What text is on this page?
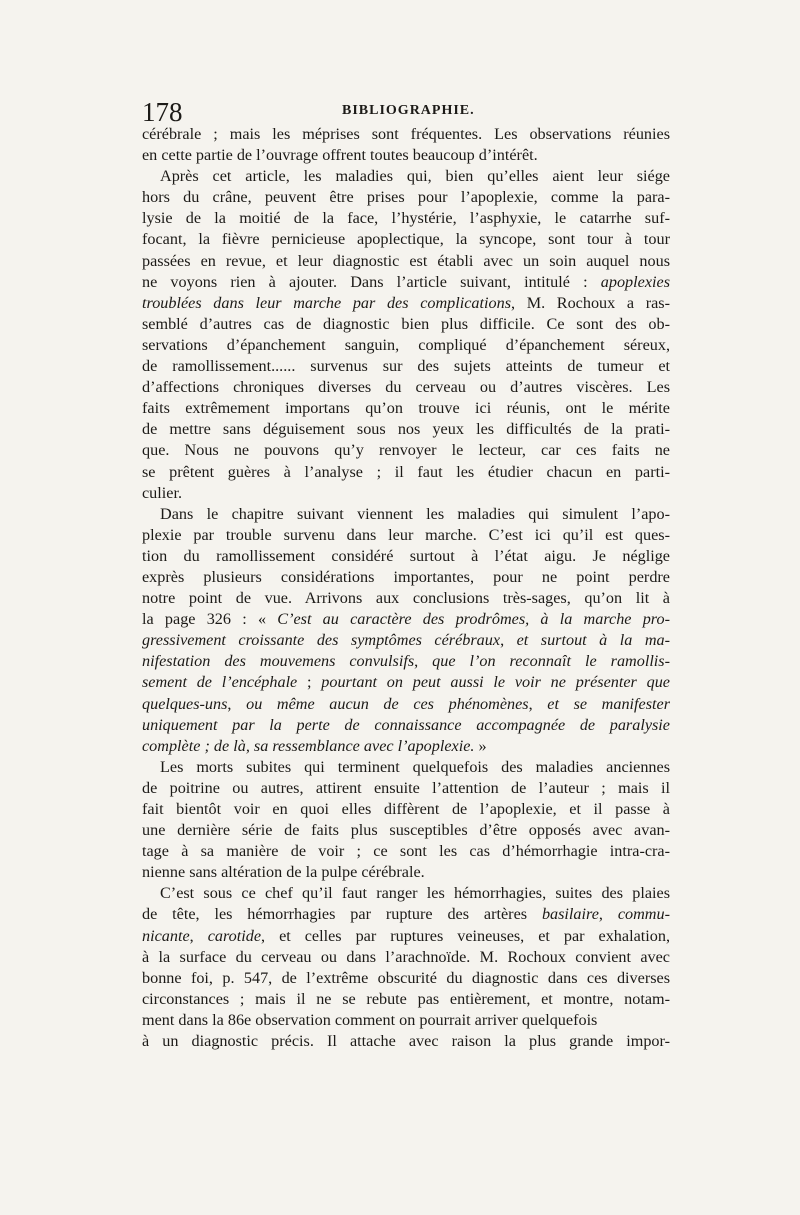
178	BIBLIOGRAPHIE.
cérébrale ; mais les méprises sont fréquentes. Les observations réunies
en cette partie de l’ouvrage offrent toutes beaucoup d’intérêt.
Après cet article, les maladies qui, bien qu’elles aient leur siége
hors du crâne, peuvent être prises pour l’apoplexie, comme la para-
lysie de la moitié de la face, l’hystérie, l’asphyxie, le catarrhe suf-
focant, la fièvre pernicieuse apoplectique, la syncope, sont tour à tour
passées en revue, et leur diagnostic est établi avec un soin auquel nous
ne voyons rien à ajouter. Dans l’article suivant, intitulé : apoplexies
troublées dans leur marche par des complications, M. Rochoux a ras-
semblé d’autres cas de diagnostic bien plus difficile. Ce sont des ob-
servations d’épanchement sanguin, compliqué d’épanchement séreux,
de ramollissement...... survenus sur des sujets atteints de tumeur et
d’affections chroniques diverses du cerveau ou d’autres viscères. Les
faits extrêmement importans qu’on trouve ici réunis, ont le mérite
de mettre sans déguisement sous nos yeux les difficultés de la prati-
que. Nous ne pouvons qu’y renvoyer le lecteur, car ces faits ne
se prêtent guères à l’analyse ; il faut les étudier chacun en parti-
culier.
Dans le chapitre suivant viennent les maladies qui simulent l’apo-
plexie par trouble survenu dans leur marche. C’est ici qu’il est ques-
tion du ramollissement considéré surtout à l’état aigu. Je néglige
exprès plusieurs considérations importantes, pour ne point perdre
notre point de vue. Arrivons aux conclusions très-sages, qu’on lit à
la page 326 : « C’est au caractère des prodrômes, à la marche pro-
gressivement croissante des symptômes cérébraux, et surtout à la ma-
nifestation des mouvemens convulsifs, que l’on reconnaît le ramollis-
sement de l’encéphale ; pourtant on peut aussi le voir ne présenter que
quelques-uns, ou même aucun de ces phénomènes, et se manifester
uniquement par la perte de connaissance accompagnée de paralysie
complète ; de là, sa ressemblance avec l’apoplexie. »
Les morts subites qui terminent quelquefois des maladies anciennes
de poitrine ou autres, attirent ensuite l’attention de l’auteur ; mais il
fait bientôt voir en quoi elles diffèrent de l’apoplexie, et il passe à
une dernière série de faits plus susceptibles d’être opposés avec avan-
tage à sa manière de voir ; ce sont les cas d’hémorrhagie intra-cra-
nienne sans altération de la pulpe cérébrale.
C’est sous ce chef qu’il faut ranger les hémorrhagies, suites des plaies
de tête, les hémorrhagies par rupture des artères basilaire, commu-
nicante, carotide, et celles par ruptures veineuses, et par exhalation,
à la surface du cerveau ou dans l’arachnoïde. M. Rochoux convient avec
bonne foi, p. 547, de l’extrême obscurité du diagnostic dans ces diverses
circonstances ; mais il ne se rebute pas entièrement, et montre, notam-
ment dans la 86e observation comment on pourrait arriver quelquefois
à un diagnostic précis. Il attache avec raison la plus grande impor-
